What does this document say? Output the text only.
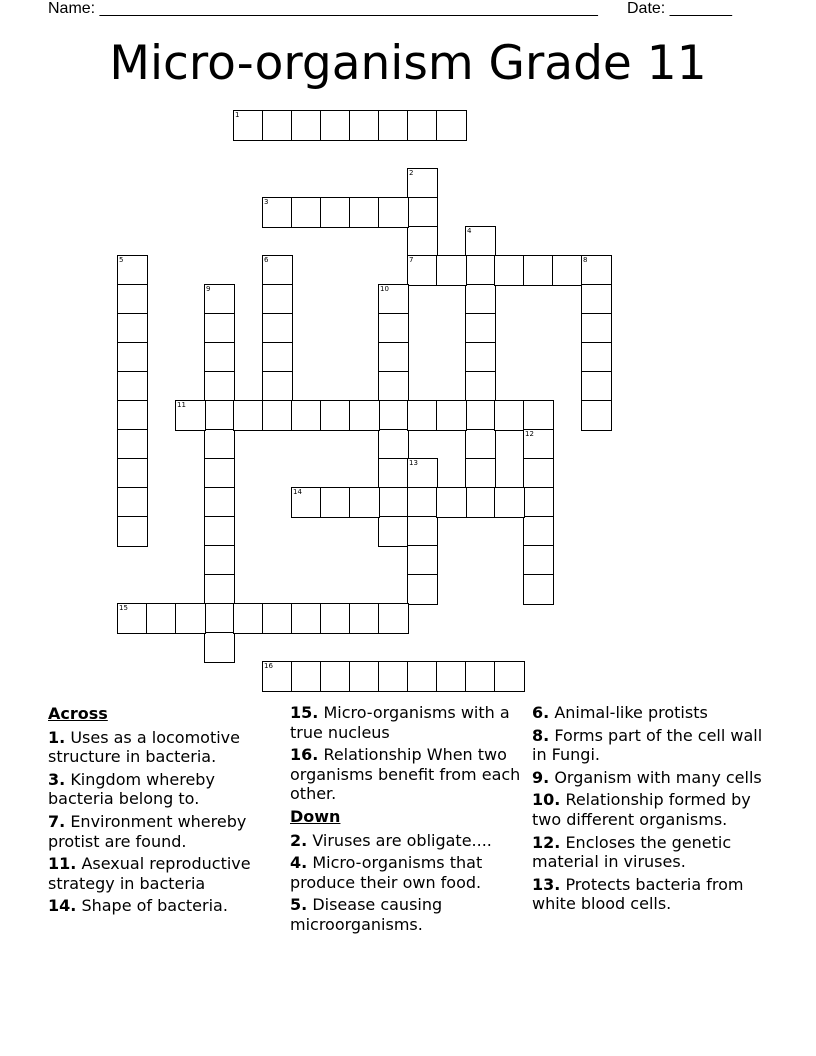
Name: ________________________________________________________ Date: _______
Micro-organism Grade 11
1
2
7
3
4
5	6	8
9	10
11
12
13
14
15
16
Across
1. Uses as a locomotive structure in bacteria.
3. Kingdom whereby bacteria belong to.
7. Environment whereby protist are found.
11. Asexual reproductive strategy in bacteria
14. Shape of bacteria.
15. Micro-organisms with a true nucleus
16. Relationship When two organisms benefit from each other.
Down
2. Viruses are obligate....
4. Micro-organisms that produce their own food.
5. Disease causing microorganisms.
6. Animal-like protists
8. Forms part of the cell wall in Fungi.
9. Organism with many cells
10. Relationship formed by two different organisms.
12. Encloses the genetic material in viruses.
13. Protects bacteria from white blood cells.
